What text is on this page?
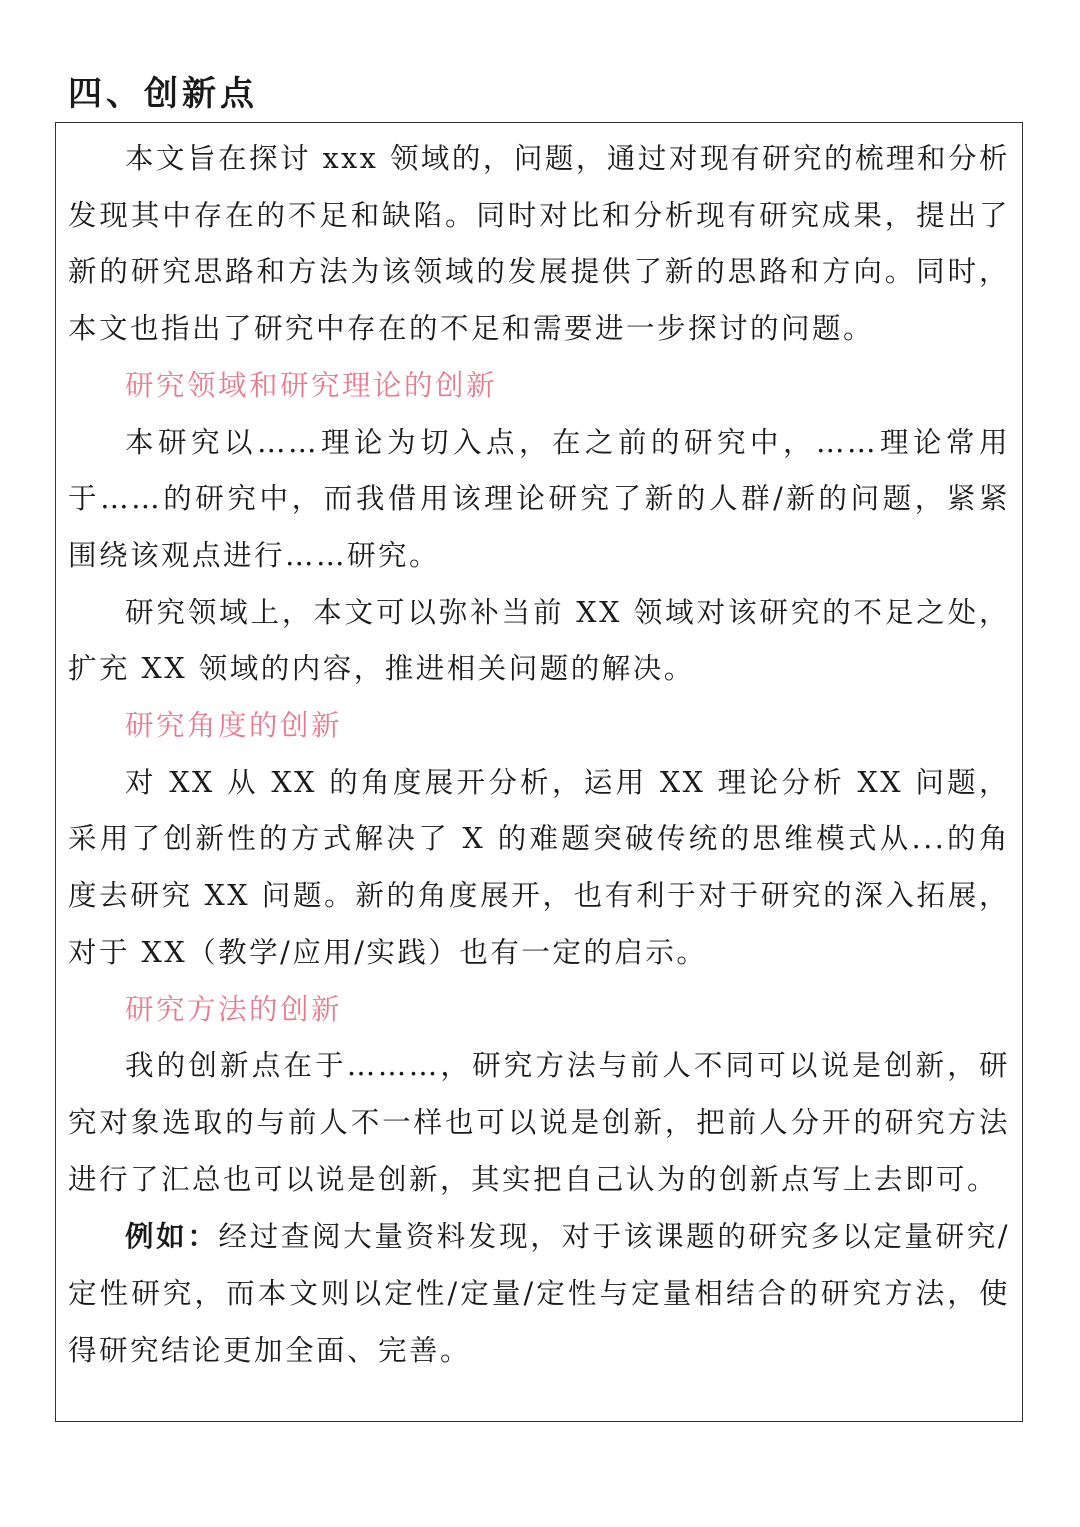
四、创新点

本文旨在探讨 xxx 领域的，问题，通过对现有研究的梳理和分析发现其中存在的不足和缺陷。同时对比和分析现有研究成果，提出了新的研究思路和方法为该领域的发展提供了新的思路和方向。同时，本文也指出了研究中存在的不足和需要进一步探讨的问题。

研究领域和研究理论的创新

本研究以……理论为切入点，在之前的研究中，……理论常用于……的研究中，而我借用该理论研究了新的人群/新的问题，紧紧围绕该观点进行……研究。

研究领域上，本文可以弥补当前 XX 领域对该研究的不足之处，扩充 XX 领域的内容，推进相关问题的解决。

研究角度的创新

对 XX 从 XX 的角度展开分析，运用 XX 理论分析 XX 问题，采用了创新性的方式解决了 X 的难题突破传统的思维模式从...的角度去研究 XX 问题。新的角度展开，也有利于对于研究的深入拓展，对于 XX（教学/应用/实践）也有一定的启示。

研究方法的创新

我的创新点在于………，研究方法与前人不同可以说是创新，研究对象选取的与前人不一样也可以说是创新，把前人分开的研究方法进行了汇总也可以说是创新，其实把自己认为的创新点写上去即可。

例如：经过查阅大量资料发现，对于该课题的研究多以定量研究/定性研究，而本文则以定性/定量/定性与定量相结合的研究方法，使得研究结论更加全面、完善。
